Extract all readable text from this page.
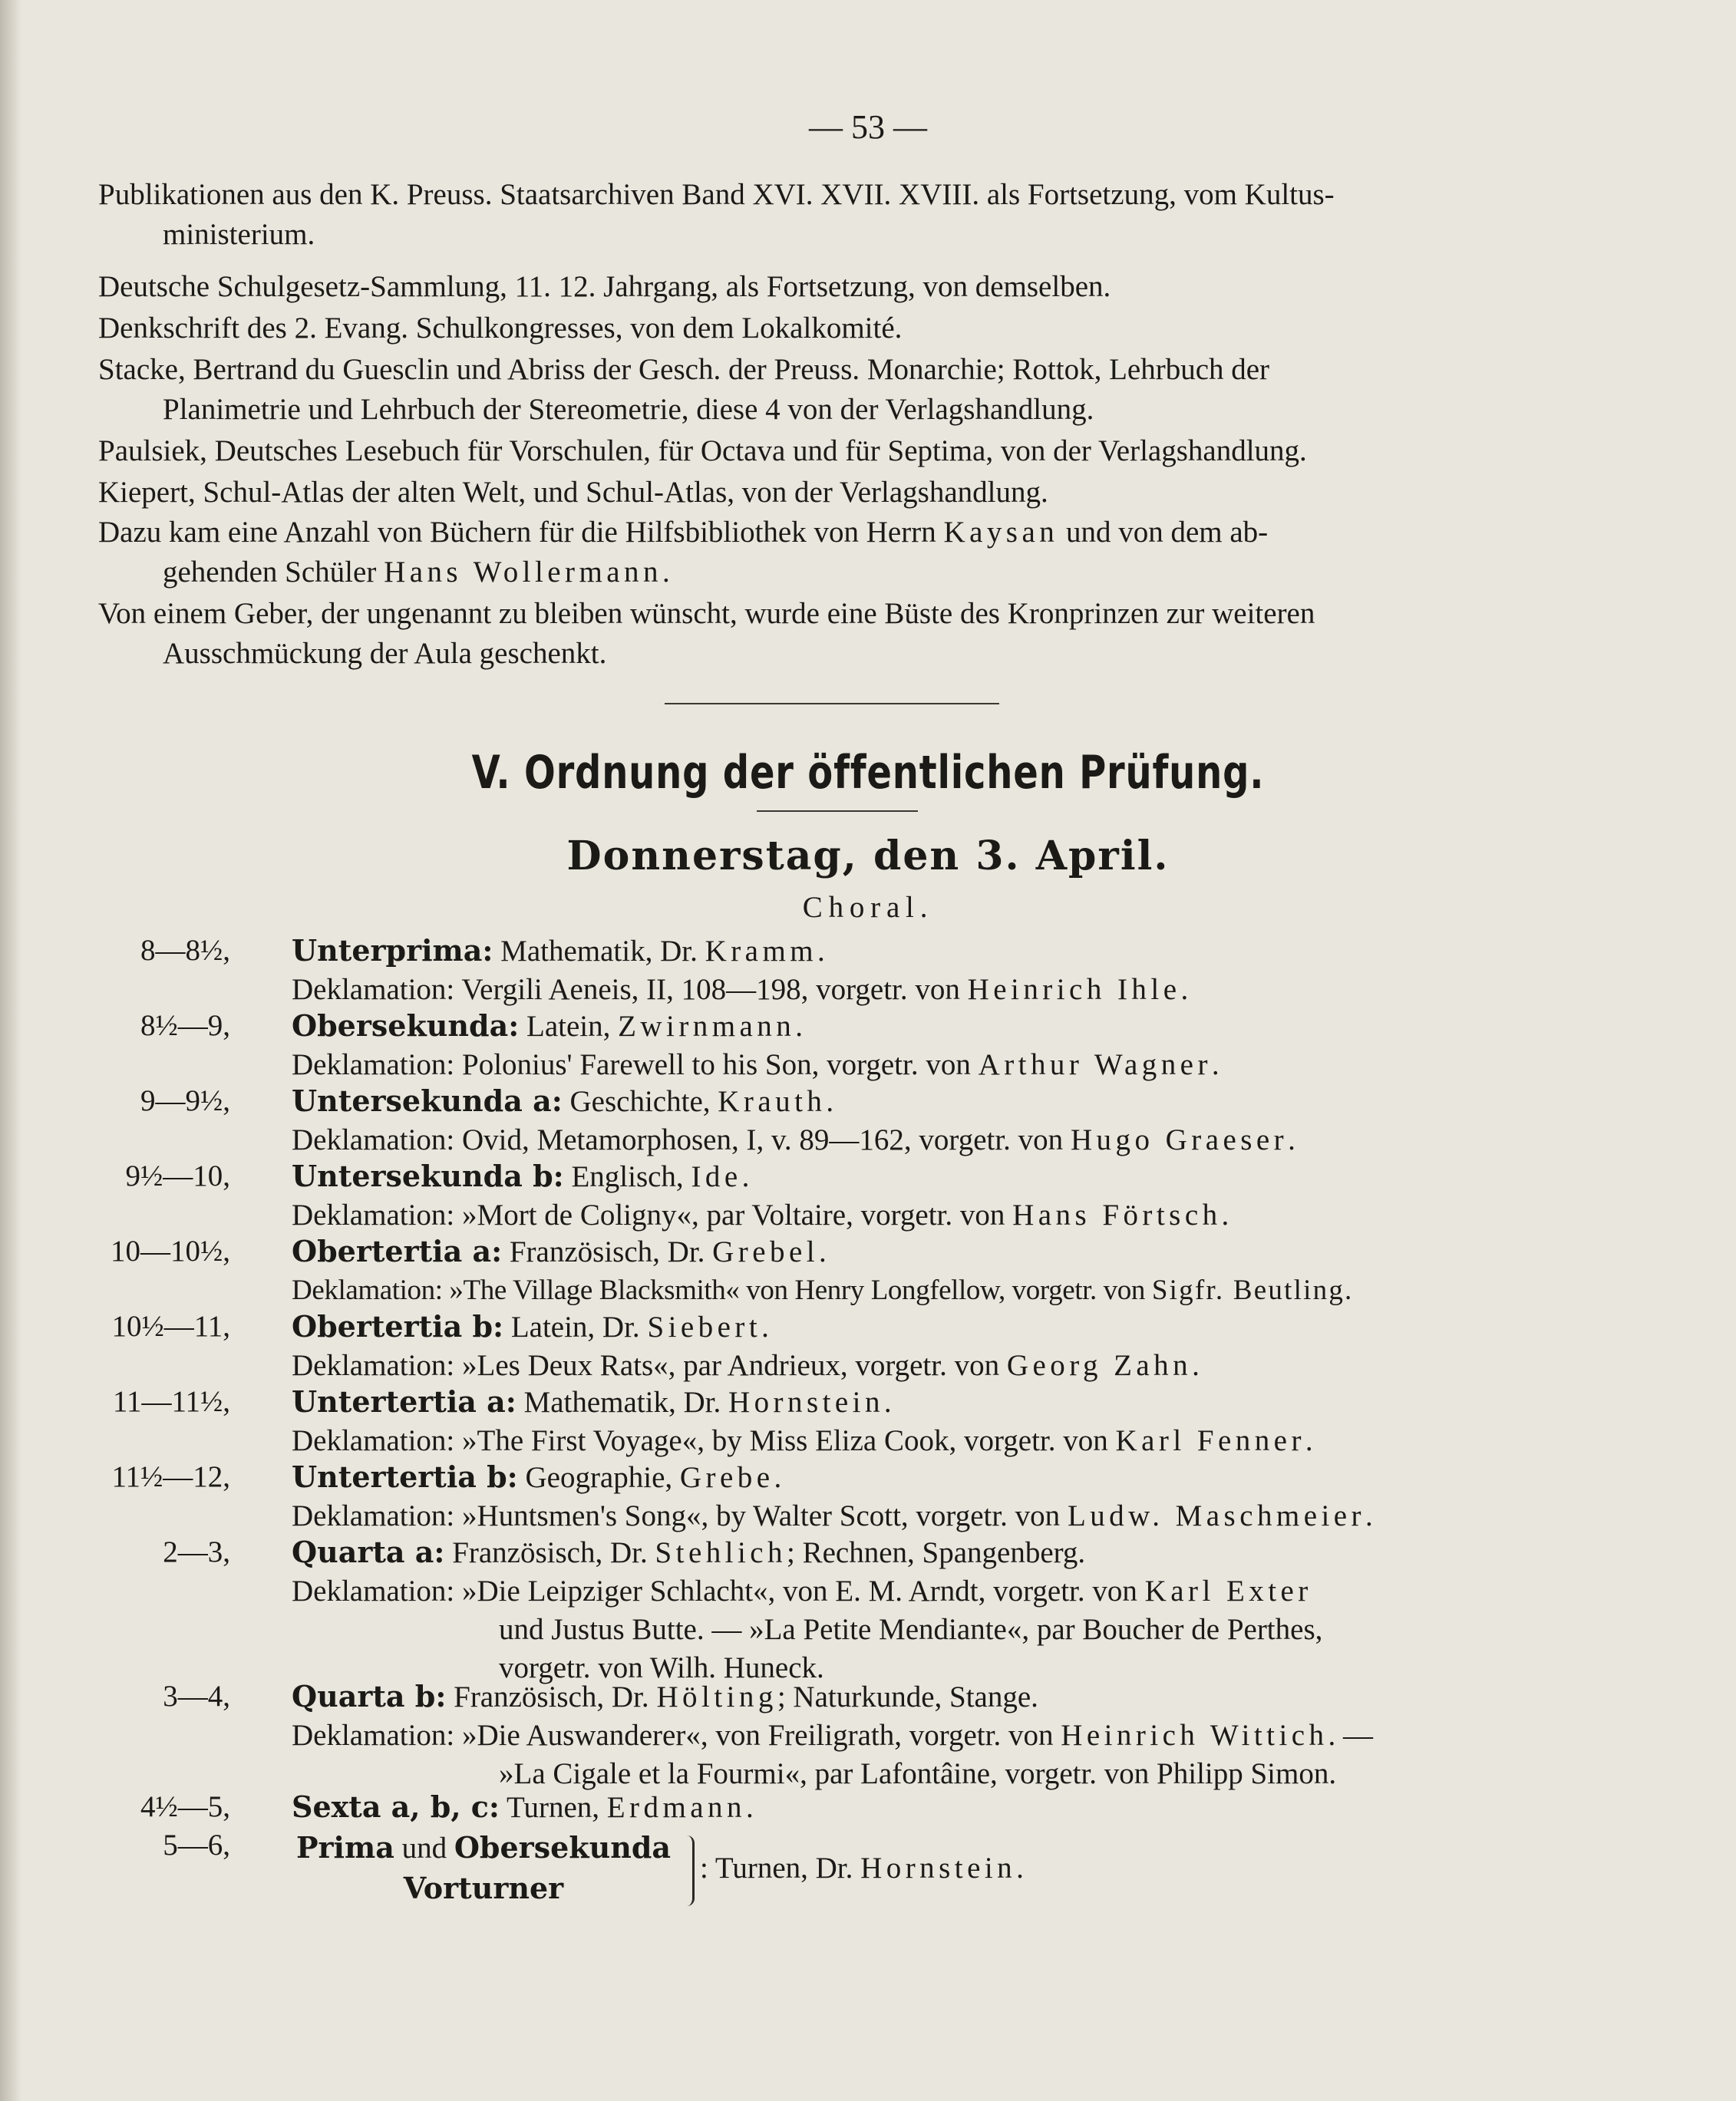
— 53 —
Publikationen aus den K. Preuss. Staatsarchiven Band XVI. XVII. XVIII. als Fortsetzung, vom Kultus-
ministerium.
Deutsche Schulgesetz-Sammlung, 11. 12. Jahrgang, als Fortsetzung, von demselben.
Denkschrift des 2. Evang. Schulkongresses, von dem Lokalkomité.
Stacke, Bertrand du Guesclin und Abriss der Gesch. der Preuss. Monarchie; Rottok, Lehrbuch der
Planimetrie und Lehrbuch der Stereometrie, diese 4 von der Verlagshandlung.
Paulsiek, Deutsches Lesebuch für Vorschulen, für Octava und für Septima, von der Verlagshandlung.
Kiepert, Schul-Atlas der alten Welt, und Schul-Atlas, von der Verlagshandlung.
Dazu kam eine Anzahl von Büchern für die Hilfsbibliothek von Herrn Kaysan und von dem ab-
gehenden Schüler Hans Wollermann.
Von einem Geber, der ungenannt zu bleiben wünscht, wurde eine Büste des Kronprinzen zur weiteren
Ausschmückung der Aula geschenkt.
V. Ordnung der öffentlichen Prüfung.
Donnerstag, den 3. April.
Choral.
8—8½, Unterprima: Mathematik, Dr. Kramm.
Deklamation: Vergili Aeneis, II, 108—198, vorgetr. von Heinrich Ihle.
8½—9, Obersekunda: Latein, Zwirnmann.
Deklamation: Polonius' Farewell to his Son, vorgetr. von Arthur Wagner.
9—9½, Untersekunda a: Geschichte, Krauth.
Deklamation: Ovid, Metamorphosen, I, v. 89—162, vorgetr. von Hugo Graeser.
9½—10, Untersekunda b: Englisch, Ide.
Deklamation: »Mort de Coligny«, par Voltaire, vorgetr. von Hans Förtsch.
10—10½, Obertertia a: Französisch, Dr. Grebel.
Deklamation: »The Village Blacksmith« von Henry Longfellow, vorgetr. von Sigfr. Beutling.
10½—11, Obertertia b: Latein, Dr. Siebert.
Deklamation: »Les Deux Rats«, par Andrieux, vorgetr. von Georg Zahn.
11—11½, Untertertia a: Mathematik, Dr. Hornstein.
Deklamation: »The First Voyage«, by Miss Eliza Cook, vorgetr. von Karl Fenner.
11½—12, Untertertia b: Geographie, Grebe.
Deklamation: »Huntsmen's Song«, by Walter Scott, vorgetr. von Ludw. Maschmeier.
2—3, Quarta a: Französisch, Dr. Stehlich; Rechnen, Spangenberg.
Deklamation: »Die Leipziger Schlacht«, von E. M. Arndt, vorgetr. von Karl Exter
und Justus Butte. — »La Petite Mendiante«, par Boucher de Perthes,
vorgetr. von Wilh. Huneck.
3—4, Quarta b: Französisch, Dr. Hölting; Naturkunde, Stange.
Deklamation: »Die Auswanderer«, von Freiligrath, vorgetr. von Heinrich Wittich. —
»La Cigale et la Fourmi«, par Lafontâine, vorgetr. von Philipp Simon.
4½—5, Sexta a, b, c: Turnen, Erdmann.
5—6, Prima und Obersekunda
Vorturner
: Turnen, Dr. Hornstein.
